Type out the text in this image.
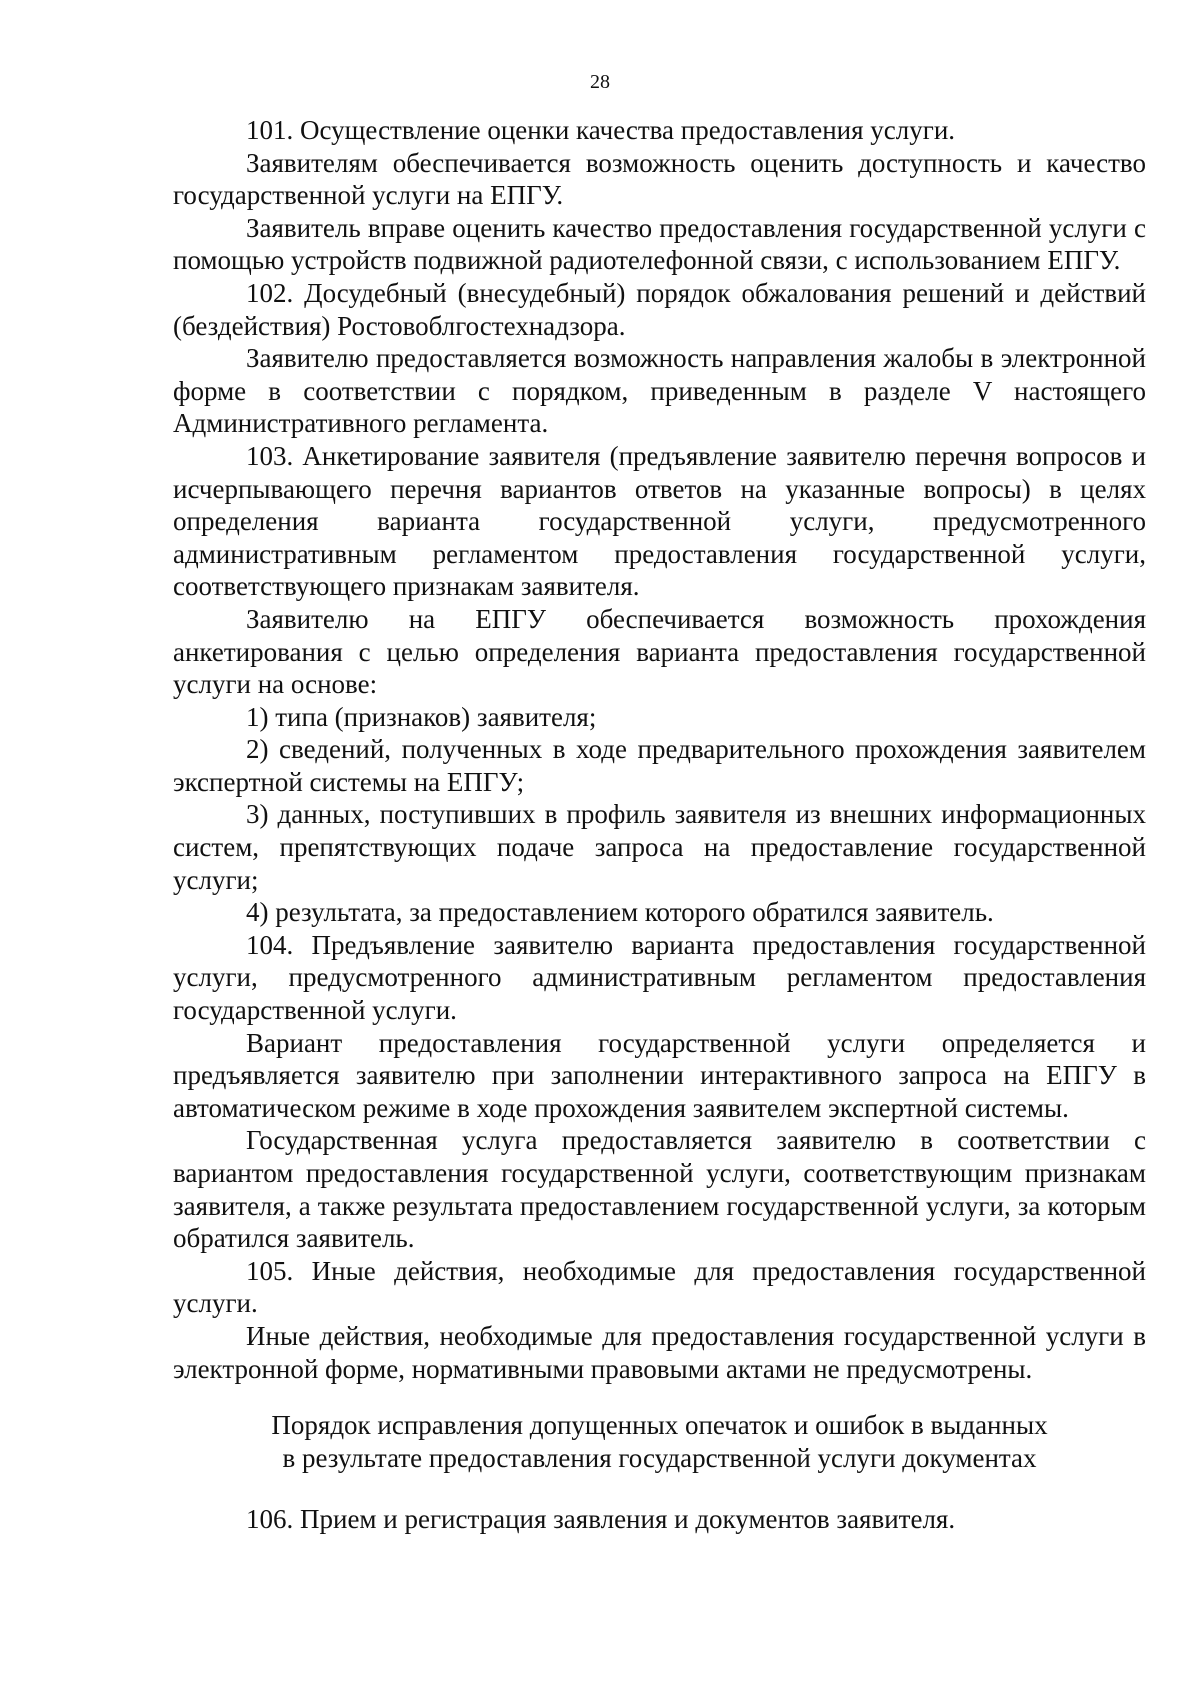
28

101. Осуществление оценки качества предоставления услуги.

Заявителям обеспечивается возможность оценить доступность и качество государственной услуги на ЕПГУ.

Заявитель вправе оценить качество предоставления государственной услуги с помощью устройств подвижной радиотелефонной связи, с использованием ЕПГУ.

102. Досудебный (внесудебный) порядок обжалования решений и действий (бездействия) Ростовоблгостехнадзора.

Заявителю предоставляется возможность направления жалобы в электронной форме в соответствии с порядком, приведенным в разделе V настоящего Административного регламента.

103. Анкетирование заявителя (предъявление заявителю перечня вопросов и исчерпывающего перечня вариантов ответов на указанные вопросы) в целях определения варианта государственной услуги, предусмотренного административным регламентом предоставления государственной услуги, соответствующего признакам заявителя.

Заявителю на ЕПГУ обеспечивается возможность прохождения анкетирования с целью определения варианта предоставления государственной услуги на основе:

1) типа (признаков) заявителя;

2) сведений, полученных в ходе предварительного прохождения заявителем экспертной системы на ЕПГУ;

3) данных, поступивших в профиль заявителя из внешних информационных систем, препятствующих подаче запроса на предоставление государственной услуги;

4) результата, за предоставлением которого обратился заявитель.

104. Предъявление заявителю варианта предоставления государственной услуги, предусмотренного административным регламентом предоставления государственной услуги.

Вариант предоставления государственной услуги определяется и предъявляется заявителю при заполнении интерактивного запроса на ЕПГУ в автоматическом режиме в ходе прохождения заявителем экспертной системы.

Государственная услуга предоставляется заявителю в соответствии с вариантом предоставления государственной услуги, соответствующим признакам заявителя, а также результата предоставлением государственной услуги, за которым обратился заявитель.

105. Иные действия, необходимые для предоставления государственной услуги.

Иные действия, необходимые для предоставления государственной услуги в электронной форме, нормативными правовыми актами не предусмотрены.

Порядок исправления допущенных опечаток и ошибок в выданных
в результате предоставления государственной услуги документах

106. Прием и регистрация заявления и документов заявителя.
